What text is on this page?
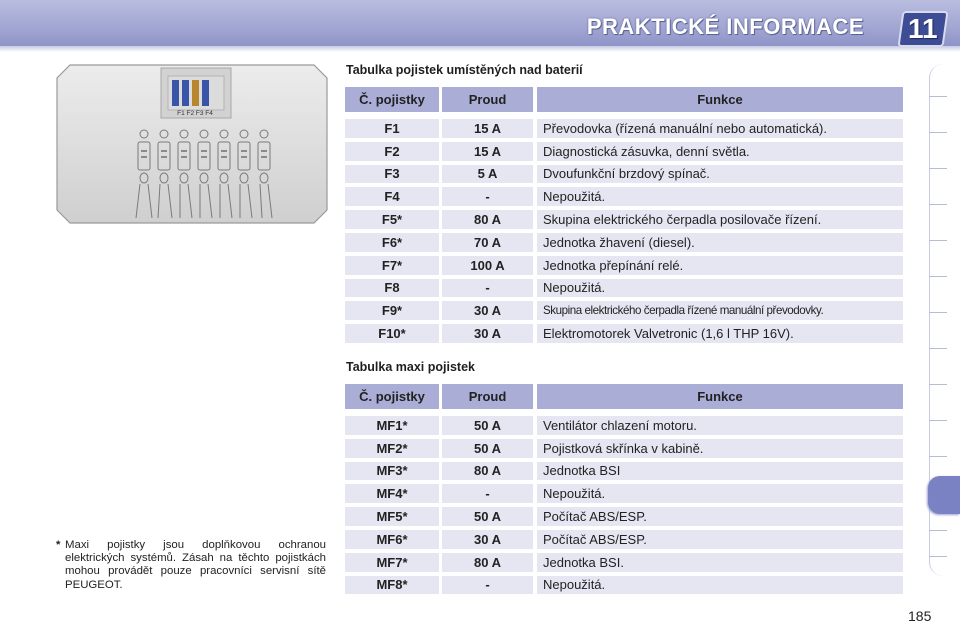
PRAKTICKÉ INFORMACE 11
F1 F2 F3 F4
Tabulka pojistek umístěných nad baterií
Č. pojistky	Proud	Funkce
F1	15 A	Převodovka (řízená manuální nebo automatická).
F2	15 A	Diagnostická zásuvka, denní světla.
F3	5 A	Dvoufunkční brzdový spínač.
F4	-	Nepoužitá.
F5*	80 A	Skupina elektrického čerpadla posilovače řízení.
F6*	70 A	Jednotka žhavení (diesel).
F7*	100 A	Jednotka přepínání relé.
F8	-	Nepoužitá.
F9*	30 A	Skupina elektrického čerpadla řízené manuální převodovky.
F10*	30 A	Elektromotorek Valvetronic (1,6 l THP 16V).
Tabulka maxi pojistek
Č. pojistky	Proud	Funkce
MF1*	50 A	Ventilátor chlazení motoru.
MF2*	50 A	Pojistková skřínka v kabině.
MF3*	80 A	Jednotka BSI
MF4*	-	Nepoužitá.
MF5*	50 A	Počítač ABS/ESP.
MF6*	30 A	Počítač ABS/ESP.
MF7*	80 A	Jednotka BSI.
MF8*	-	Nepoužitá.
* Maxi pojistky jsou doplňkovou ochranou elektrických systémů. Zásah na těchto pojistkách mohou provádět pouze pracovníci servisní sítě PEUGEOT.
185
